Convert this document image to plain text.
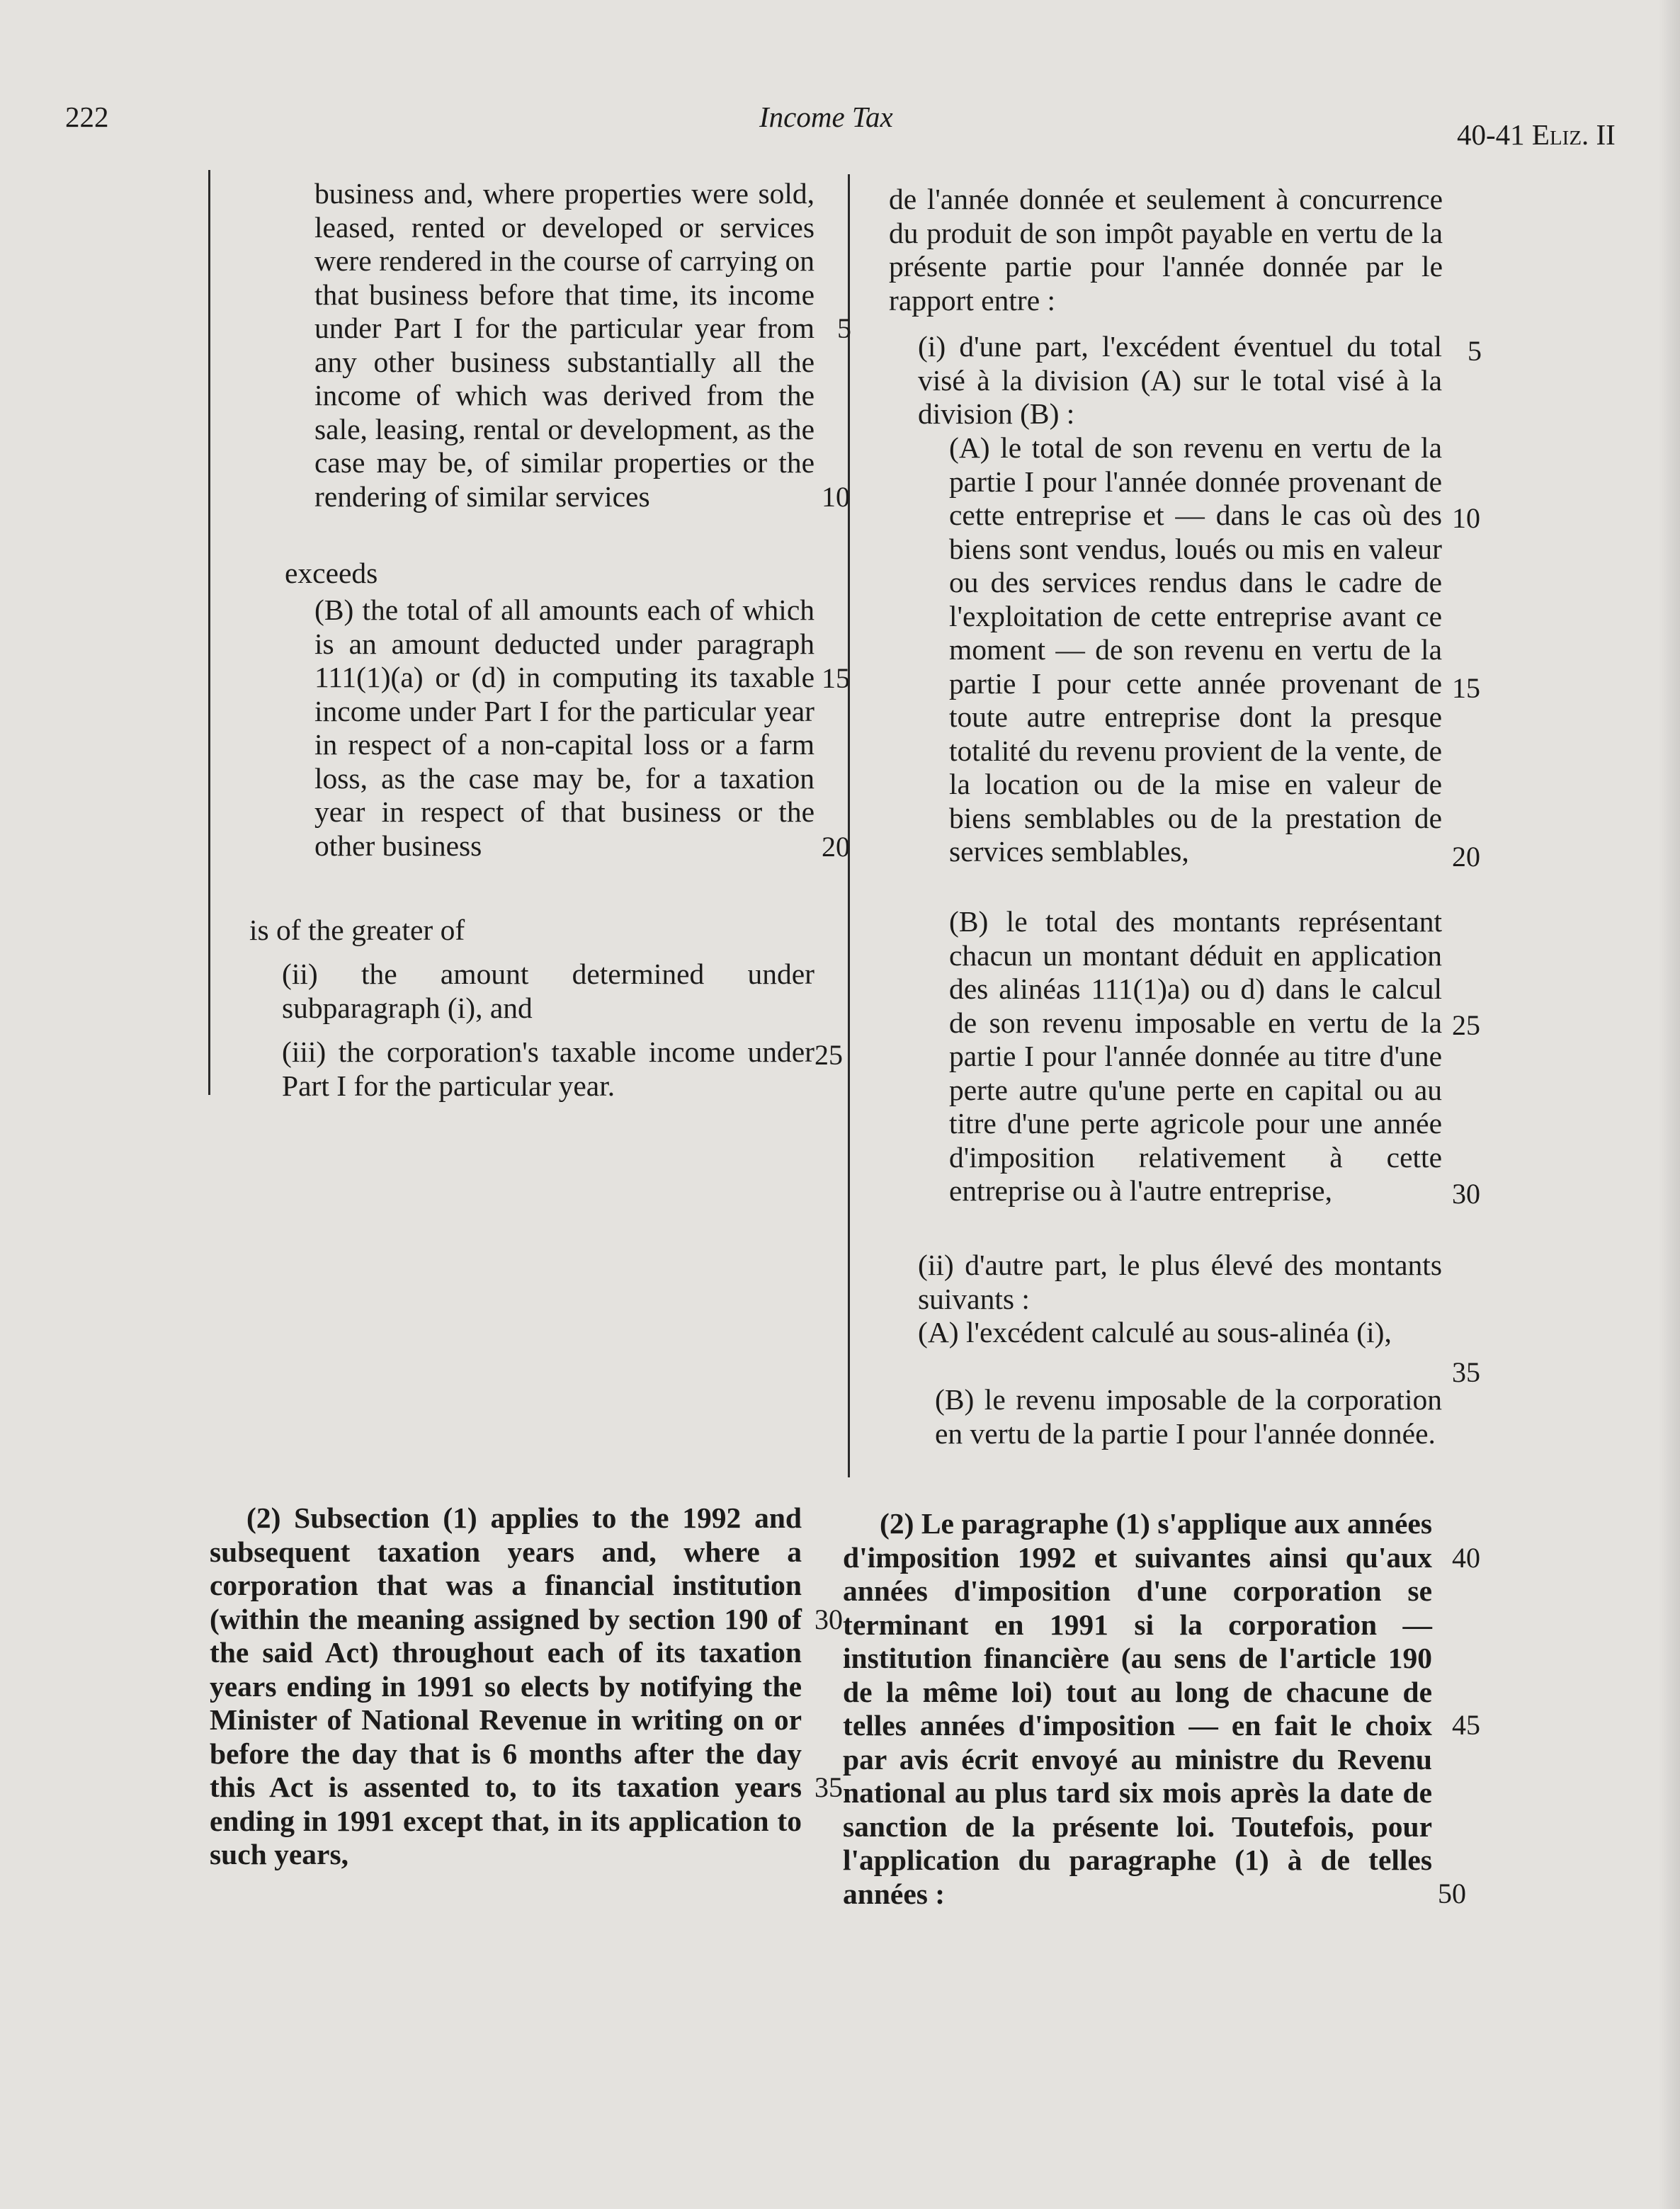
222	Income Tax
40-41 Eliz. II

business and, where properties were sold, leased, rented or developed or services were rendered in the course of carrying on that business before that time, its income under Part I for the particular year from any other business substantially all the income of which was derived from the sale, leasing, rental or development, as the case may be, of similar properties or the rendering of similar services

exceeds

(B) the total of all amounts each of which is an amount deducted under paragraph 111(1)(a) or (d) in computing its taxable income under Part I for the particular year in respect of a non-capital loss or a farm loss, as the case may be, for a taxation year in respect of that business or the other business

is of the greater of

(ii) the amount determined under subparagraph (i), and

(iii) the corporation's taxable income under Part I for the particular year.

(2) Subsection (1) applies to the 1992 and subsequent taxation years and, where a corporation that was a financial institution (within the meaning assigned by section 190 of the said Act) throughout each of its taxation years ending in 1991 so elects by notifying the Minister of National Revenue in writing on or before the day that is 6 months after the day this Act is assented to, to its taxation years ending in 1991 except that, in its application to such years,

5
10
15
20
25
30
35

de l'année donnée et seulement à concurrence du produit de son impôt payable en vertu de la présente partie pour l'année donnée par le rapport entre :

(i) d'une part, l'excédent éventuel du total visé à la division (A) sur le total visé à la division (B) :

(A) le total de son revenu en vertu de la partie I pour l'année donnée provenant de cette entreprise et — dans le cas où des biens sont vendus, loués ou mis en valeur ou des services rendus dans le cadre de l'exploitation de cette entreprise avant ce moment — de son revenu en vertu de la partie I pour cette année provenant de toute autre entreprise dont la presque totalité du revenu provient de la vente, de la location ou de la mise en valeur de biens semblables ou de la prestation de services semblables,

(B) le total des montants représentant chacun un montant déduit en application des alinéas 111(1)a) ou d) dans le calcul de son revenu imposable en vertu de la partie I pour l'année donnée au titre d'une perte autre qu'une perte en capital ou au titre d'une perte agricole pour une année d'imposition relativement à cette entreprise ou à l'autre entreprise,

(ii) d'autre part, le plus élevé des montants suivants :

(A) l'excédent calculé au sous-alinéa (i),

(B) le revenu imposable de la corporation en vertu de la partie I pour l'année donnée.

(2) Le paragraphe (1) s'applique aux années d'imposition 1992 et suivantes ainsi qu'aux années d'imposition d'une corporation se terminant en 1991 si la corporation — institution financière (au sens de l'article 190 de la même loi) tout au long de chacune de telles années d'imposition — en fait le choix par avis écrit envoyé au ministre du Revenu national au plus tard six mois après la date de sanction de la présente loi. Toutefois, pour l'application du paragraphe (1) à de telles années :

5
10
15
20
25
30
35
40
45
50
